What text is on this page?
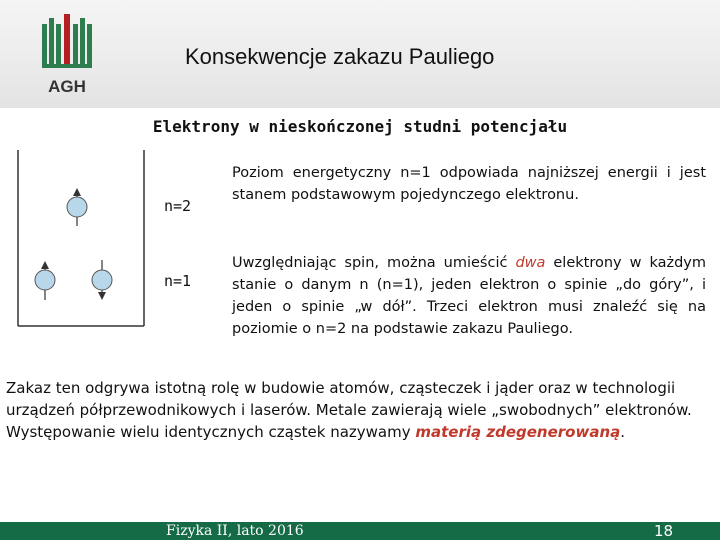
AGH
Konsekwencje zakazu Pauliego
Elektrony w nieskończonej studni potencjału
n=2
n=1
Poziom energetyczny n=1 odpowiada najniższej energii i jest stanem podstawowym pojedynczego elektronu.
Uwzględniając spin, można umieścić dwa elektrony w każdym stanie o danym n (n=1), jeden elektron o spinie „do góry”, i jeden o spinie „w dół”. Trzeci elektron musi znaleźć się na poziomie o n=2 na podstawie zakazu Pauliego.
Zakaz ten odgrywa istotną rolę w budowie atomów, cząsteczek i jąder oraz w technologii urządzeń półprzewodnikowych i laserów. Metale zawierają wiele „swobodnych” elektronów. Występowanie wielu identycznych cząstek nazywamy materią zdegenerowaną.
Fizyka II, lato 2016	18
